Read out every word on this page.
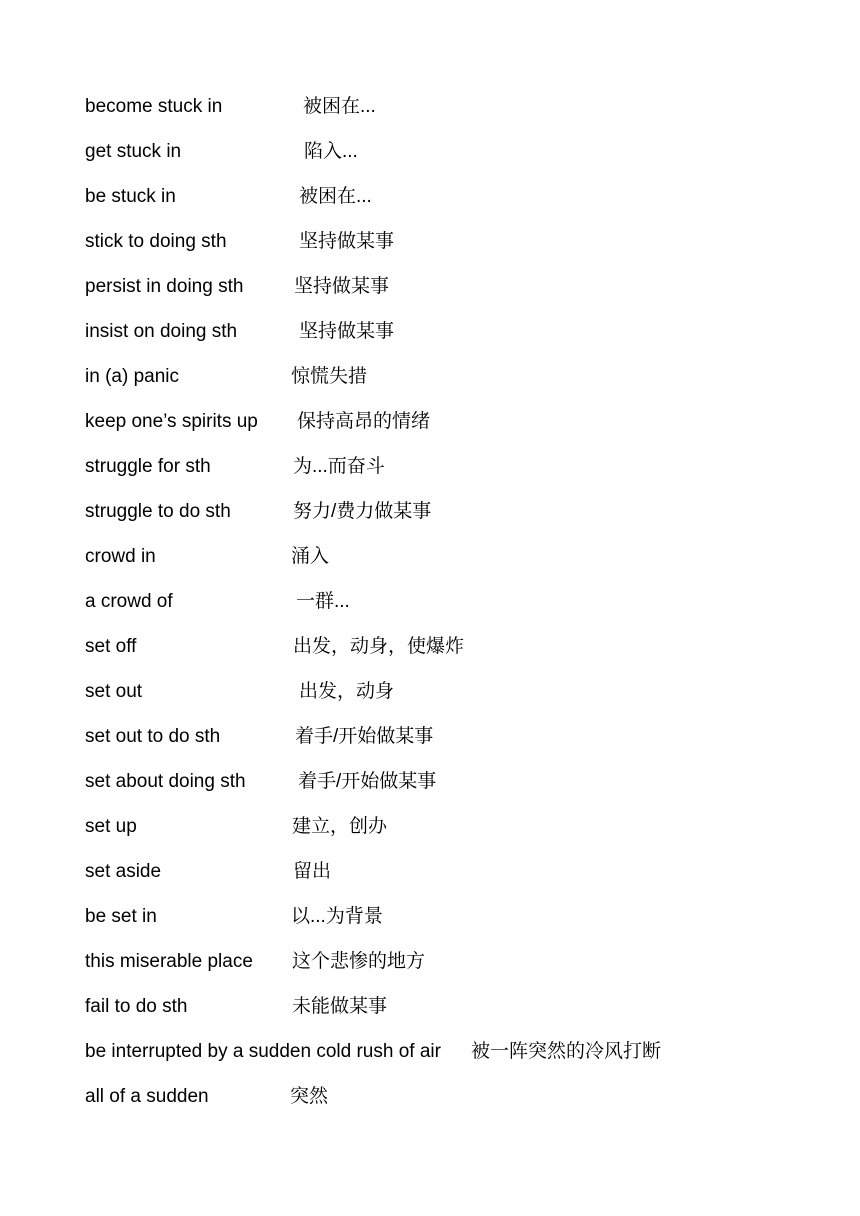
become stuck in	被困在...
get stuck in	陷入...
be stuck in	被困在...
stick to doing sth	坚持做某事
persist in doing sth	坚持做某事
insist on doing sth	坚持做某事
in (a) panic	惊慌失措
keep one’s spirits up 保持高昂的情绪
struggle for sth	为...而奋斗
struggle to do sth	努力/费力做某事
crowd in	涌入
a crowd of	一群...
set off	出发，动身，使爆炸
set out	出发，动身
set out to do sth	着手/开始做某事
set about doing sth	着手/开始做某事
set up	建立，创办
set aside	留出
be set in	以...为背景
this miserable place 这个悲惨的地方
fail to do sth	未能做某事
be interrupted by a sudden cold rush of air 被一阵突然的冷风打断
all of a sudden	突然
